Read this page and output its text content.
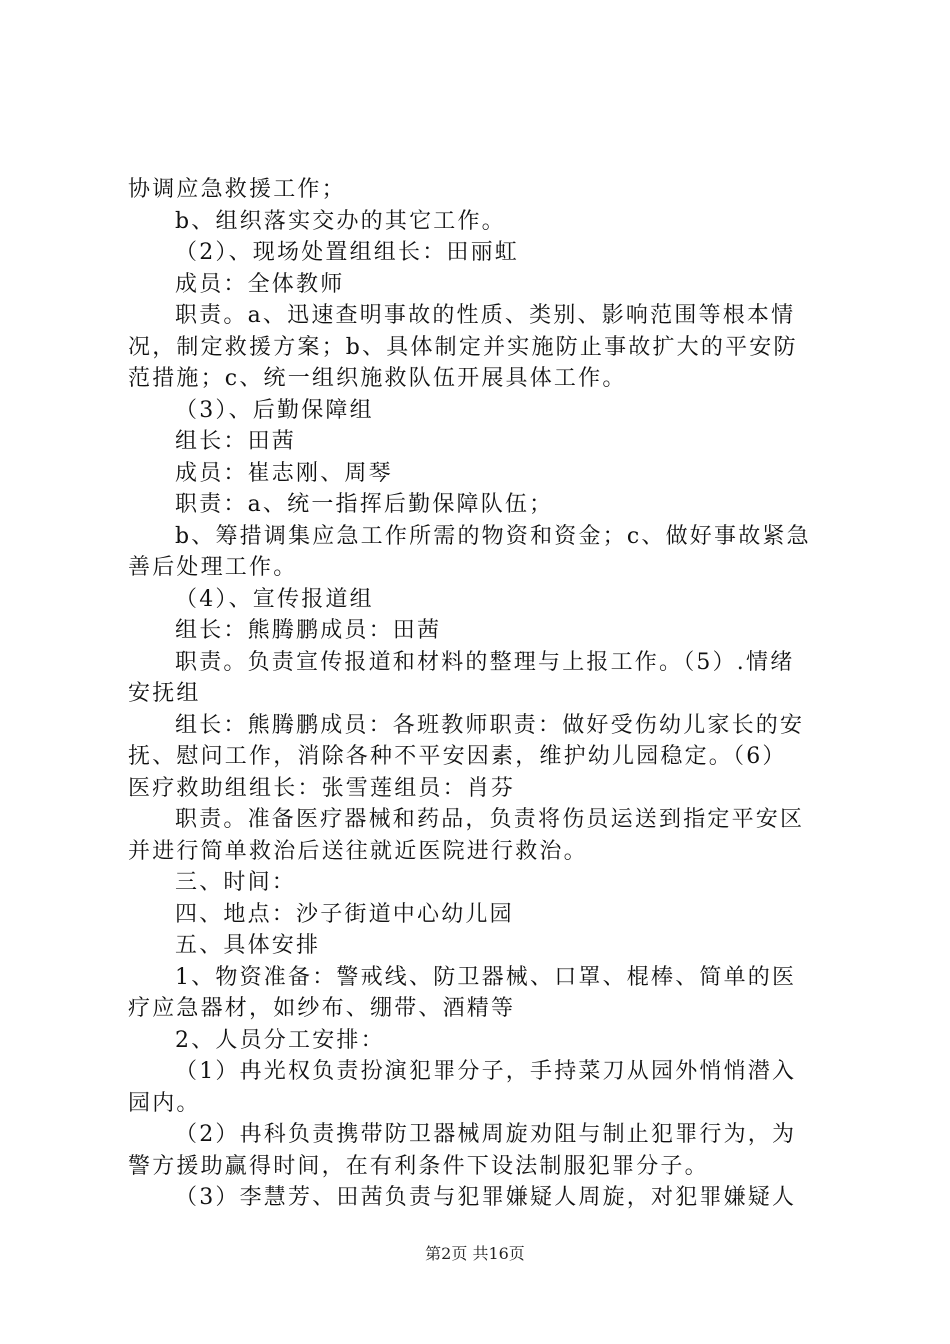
协调应急救援工作；
b、组织落实交办的其它工作。
（2）、现场处置组组长：田丽虹
成员：全体教师
职责。a、迅速查明事故的性质、类别、影响范围等根本情
况，制定救援方案；b、具体制定并实施防止事故扩大的平安防
范措施；c、统一组织施救队伍开展具体工作。
（3）、后勤保障组
组长：田茜
成员：崔志刚、周琴
职责：a、统一指挥后勤保障队伍；
b、筹措调集应急工作所需的物资和资金；c、做好事故紧急
善后处理工作。
（4）、宣传报道组
组长：熊腾鹏成员：田茜
职责。负责宣传报道和材料的整理与上报工作。（5）.情绪
安抚组
组长：熊腾鹏成员：各班教师职责：做好受伤幼儿家长的安
抚、慰问工作，消除各种不平安因素，维护幼儿园稳定。（6）
医疗救助组组长：张雪莲组员：肖芬
职责。准备医疗器械和药品，负责将伤员运送到指定平安区
并进行简单救治后送往就近医院进行救治。
三、时间：
四、地点：沙子街道中心幼儿园
五、具体安排
1、物资准备：警戒线、防卫器械、口罩、棍棒、简单的医
疗应急器材，如纱布、绷带、酒精等
2、人员分工安排：
（1）冉光权负责扮演犯罪分子，手持菜刀从园外悄悄潜入
园内。
（2）冉科负责携带防卫器械周旋劝阻与制止犯罪行为，为
警方援助赢得时间，在有利条件下设法制服犯罪分子。
（3）李慧芳、田茜负责与犯罪嫌疑人周旋，对犯罪嫌疑人
第2页 共16页
